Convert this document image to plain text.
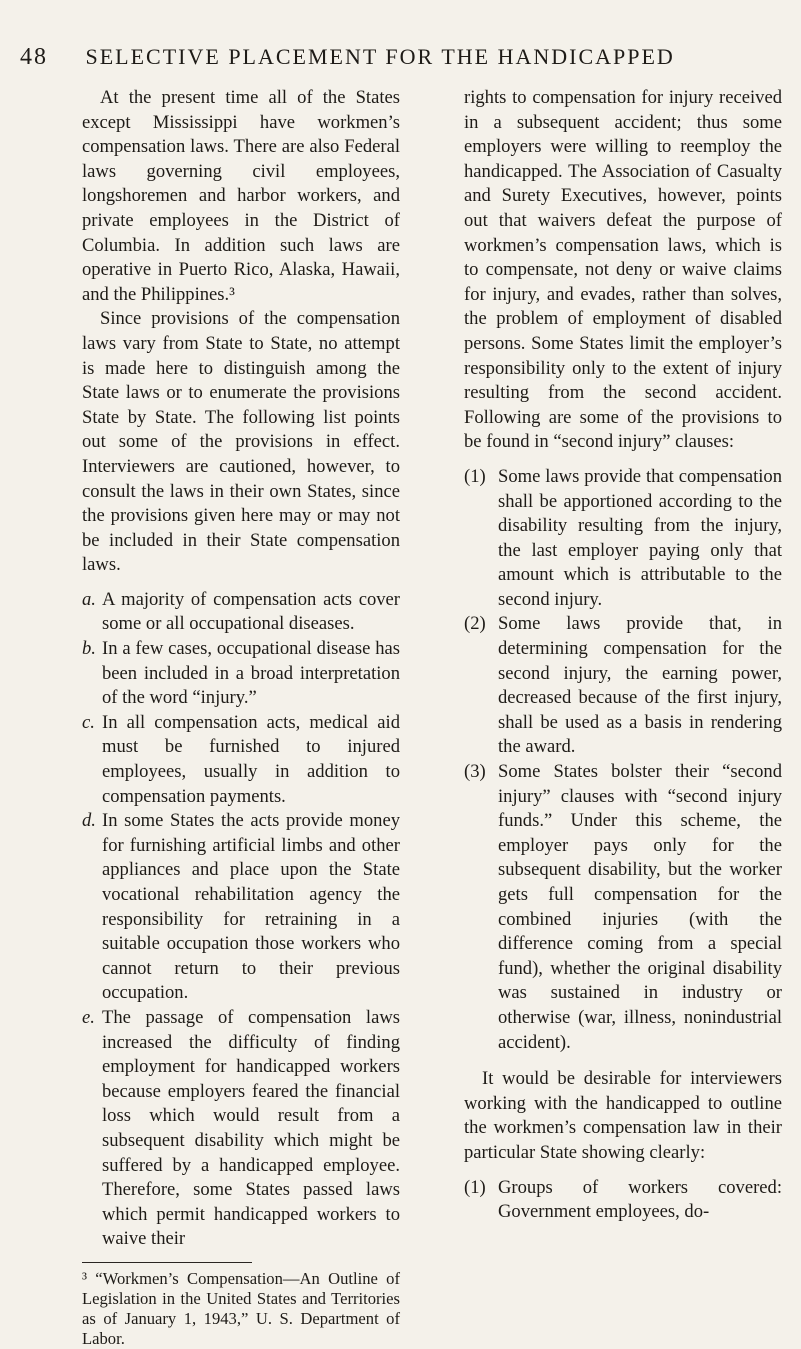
48 SELECTIVE PLACEMENT FOR THE HANDICAPPED

At the present time all of the States except Mississippi have workmen’s compensation laws. There are also Federal laws governing civil employees, longshoremen and harbor workers, and private employees in the District of Columbia. In addition such laws are operative in Puerto Rico, Alaska, Hawaii, and the Philippines.³

Since provisions of the compensation laws vary from State to State, no attempt is made here to distinguish among the State laws or to enumerate the provisions State by State. The following list points out some of the provisions in effect. Interviewers are cautioned, however, to consult the laws in their own States, since the provisions given here may or may not be included in their State compensation laws.

a. A majority of compensation acts cover some or all occupational diseases.
b. In a few cases, occupational disease has been included in a broad interpretation of the word “injury.”
c. In all compensation acts, medical aid must be furnished to injured employees, usually in addition to compensation payments.
d. In some States the acts provide money for furnishing artificial limbs and other appliances and place upon the State vocational rehabilitation agency the responsibility for retraining in a suitable occupation those workers who cannot return to their previous occupation.
e. The passage of compensation laws increased the difficulty of finding employment for handicapped workers because employers feared the financial loss which would result from a subsequent disability which might be suffered by a handicapped employee. Therefore, some States passed laws which permit handicapped workers to waive their

³ “Workmen’s Compensation—An Outline of Legislation in the United States and Territories as of January 1, 1943,” U. S. Department of Labor.

rights to compensation for injury received in a subsequent accident; thus some employers were willing to reemploy the handicapped. The Association of Casualty and Surety Executives, however, points out that waivers defeat the purpose of workmen’s compensation laws, which is to compensate, not deny or waive claims for injury, and evades, rather than solves, the problem of employment of disabled persons. Some States limit the employer’s responsibility only to the extent of injury resulting from the second accident. Following are some of the provisions to be found in “second injury” clauses:

(1) Some laws provide that compensation shall be apportioned according to the disability resulting from the injury, the last employer paying only that amount which is attributable to the second injury.
(2) Some laws provide that, in determining compensation for the second injury, the earning power, decreased because of the first injury, shall be used as a basis in rendering the award.
(3) Some States bolster their “second injury” clauses with “second injury funds.” Under this scheme, the employer pays only for the subsequent disability, but the worker gets full compensation for the combined injuries (with the difference coming from a special fund), whether the original disability was sustained in industry or otherwise (war, illness, nonindustrial accident).

It would be desirable for interviewers working with the handicapped to outline the workmen’s compensation law in their particular State showing clearly:

(1) Groups of workers covered: Government employees, do-
